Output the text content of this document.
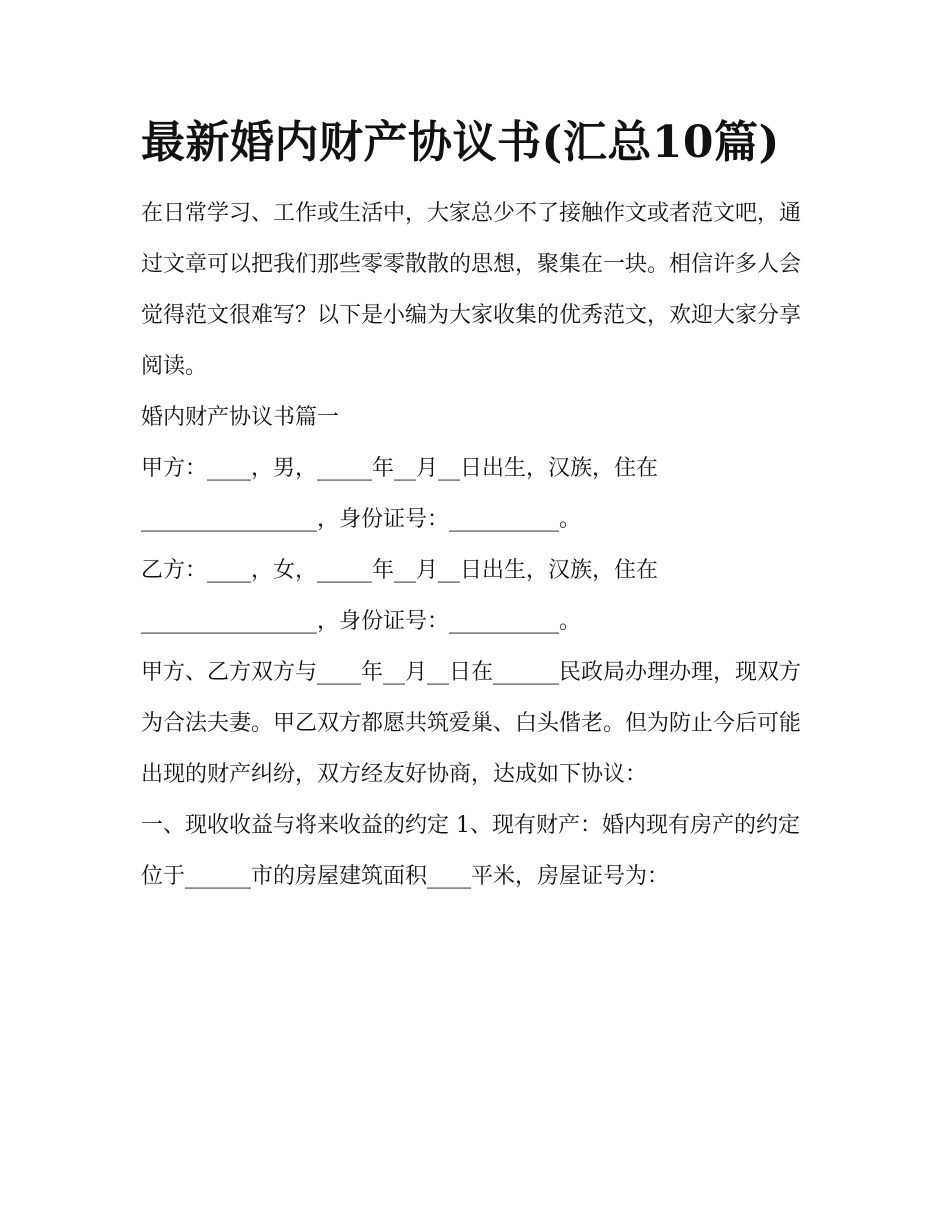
最新婚内财产协议书(汇总10篇)

在日常学习、工作或生活中，大家总少不了接触作文或者范文吧，通过文章可以把我们那些零零散散的思想，聚集在一块。相信许多人会觉得范文很难写？以下是小编为大家收集的优秀范文，欢迎大家分享阅读。

婚内财产协议书篇一

甲方：____，男，_____年__月__日出生，汉族，住在

________________，身份证号：__________。

乙方：____，女，_____年__月__日出生，汉族，住在

________________，身份证号：__________。

甲方、乙方双方与____年__月__日在______民政局办理办理，现双方为合法夫妻。甲乙双方都愿共筑爱巢、白头偕老。但为防止今后可能出现的财产纠纷，双方经友好协商，达成如下协议：

一、现收收益与将来收益的约定 1、现有财产：婚内现有房产的约定

位于______市的房屋建筑面积____平米，房屋证号为：
